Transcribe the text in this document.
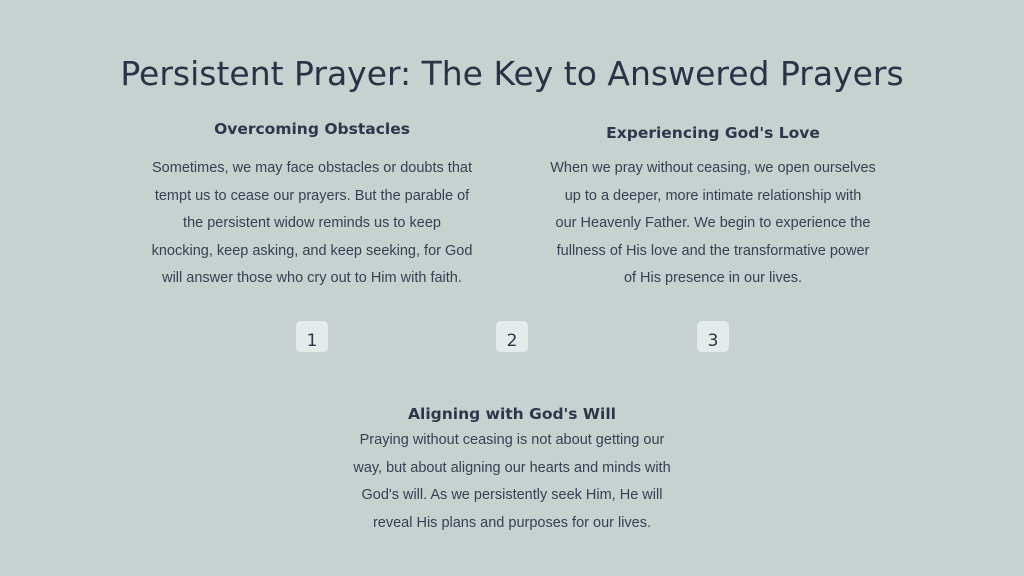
Persistent Prayer: The Key to Answered Prayers
Overcoming Obstacles

Sometimes, we may face obstacles or doubts that
tempt us to cease our prayers. But the parable of
the persistent widow reminds us to keep
knocking, keep asking, and keep seeking, for God
will answer those who cry out to Him with faith.

Experiencing God's Love

When we pray without ceasing, we open ourselves
up to a deeper, more intimate relationship with
our Heavenly Father. We begin to experience the
fullness of His love and the transformative power
of His presence in our lives.

1	2	3
Aligning with God's Will

Praying without ceasing is not about getting our
way, but about aligning our hearts and minds with
God's will. As we persistently seek Him, He will
reveal His plans and purposes for our lives.
